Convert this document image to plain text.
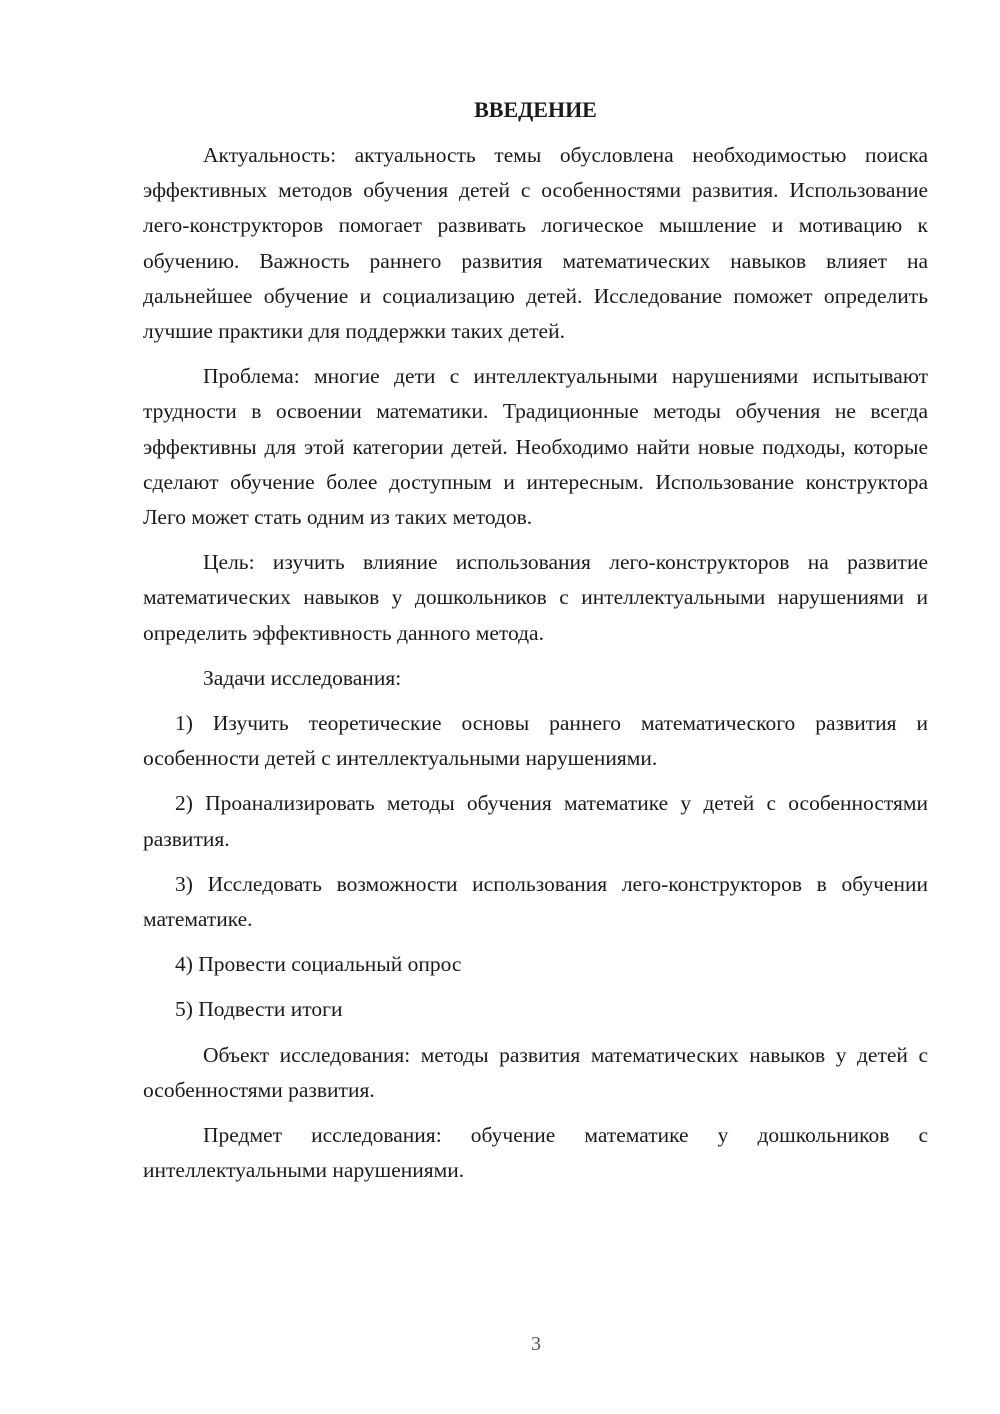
ВВЕДЕНИЕ

Актуальность: актуальность темы обусловлена необходимостью поиска эффективных методов обучения детей с особенностями развития. Использование лего-конструкторов помогает развивать логическое мышление и мотивацию к обучению. Важность раннего развития математических навыков влияет на дальнейшее обучение и социализацию детей. Исследование поможет определить лучшие практики для поддержки таких детей.

Проблема: многие дети с интеллектуальными нарушениями испытывают трудности в освоении математики. Традиционные методы обучения не всегда эффективны для этой категории детей. Необходимо найти новые подходы, которые сделают обучение более доступным и интересным. Использование конструктора Лего может стать одним из таких методов.

Цель: изучить влияние использования лего-конструкторов на развитие математических навыков у дошкольников с интеллектуальными нарушениями и определить эффективность данного метода.

Задачи исследования:

1) Изучить теоретические основы раннего математического развития и особенности детей с интеллектуальными нарушениями.

2) Проанализировать методы обучения математике у детей с особенностями развития.

3) Исследовать возможности использования лего-конструкторов в обучении математике.

4) Провести социальный опрос

5) Подвести итоги

Объект исследования: методы развития математических навыков у детей с особенностями развития.

Предмет исследования: обучение математике у дошкольников с интеллектуальными нарушениями.

3
